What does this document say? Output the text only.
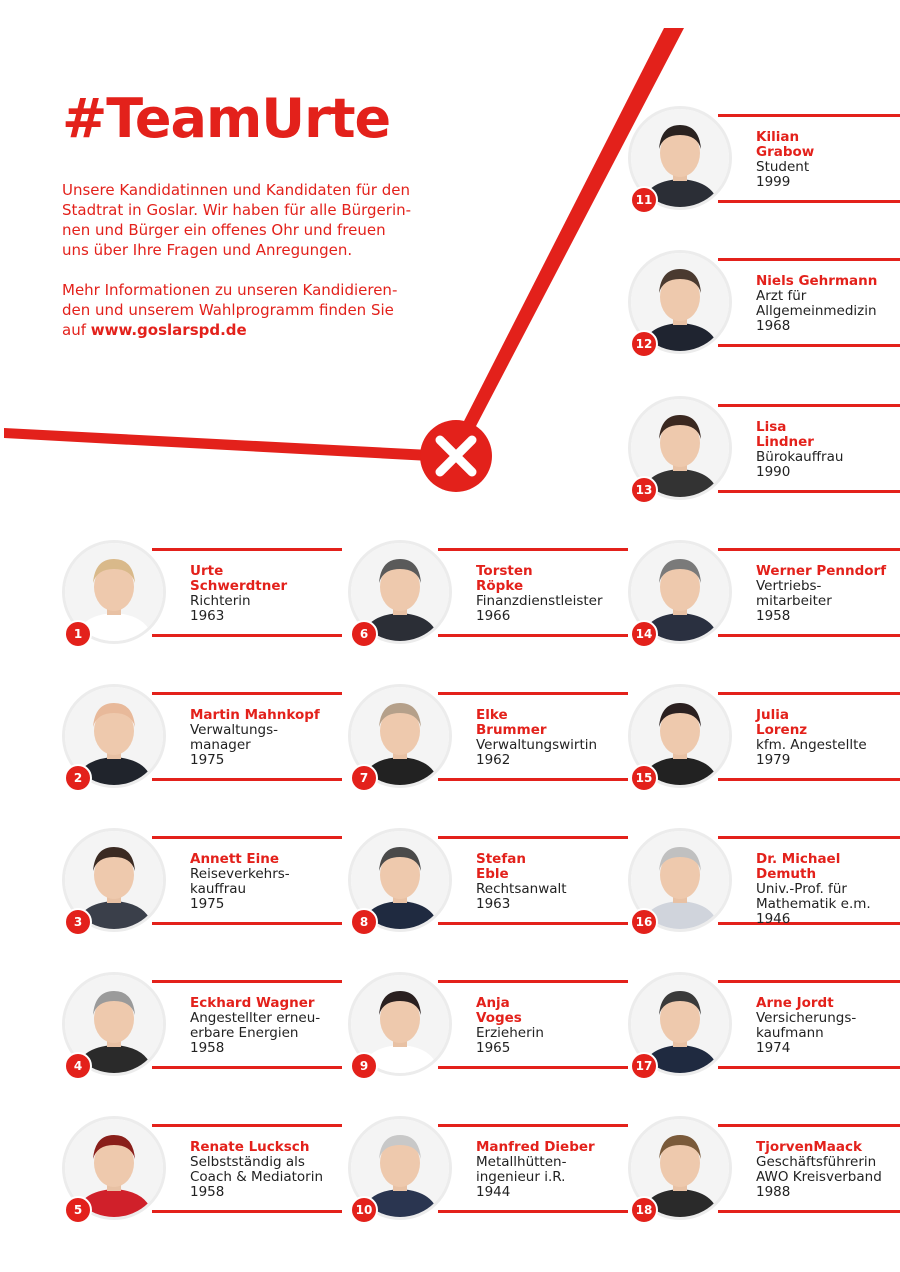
#TeamUrte

Unsere Kandidatinnen und Kandidaten für den
Stadtrat in Goslar. Wir haben für alle Bürgerin-
nen und Bürger ein offenes Ohr und freuen
uns über Ihre Fragen und Anregungen.

Mehr Informationen zu unseren Kandidieren-
den und unserem Wahlprogramm finden Sie
auf www.goslarspd.de

1
Urte
Schwerdtner
Richterin
1963
2
Martin Mahnkopf
Verwaltungs-
manager
1975
3
Annett Eine
Reiseverkehrs-
kauffrau
1975
4
Eckhard Wagner
Angestellter erneu-
erbare Energien
1958
5
Renate Lucksch
Selbstständig als
Coach & Mediatorin
1958
6
Torsten
Röpke
Finanzdienstleister
1966
7
Elke
Brummer
Verwaltungswirtin
1962
8
Stefan
Eble
Rechtsanwalt
1963
9
Anja
Voges
Erzieherin
1965
10
Manfred Dieber
Metallhütten-
ingenieur i.R.
1944
11
Kilian
Grabow
Student
1999
12
Niels Gehrmann
Arzt für
Allgemeinmedizin
1968
13
Lisa
Lindner
Bürokauffrau
1990
14
Werner Penndorf
Vertriebs-
mitarbeiter
1958
15
Julia
Lorenz
kfm. Angestellte
1979
16
Dr. Michael
Demuth
Univ.-Prof. für
Mathematik e.m.
1946
17
Arne Jordt
Versicherungs-
kaufmann
1974
18
TjorvenMaack
Geschäftsführerin
AWO Kreisverband
1988
